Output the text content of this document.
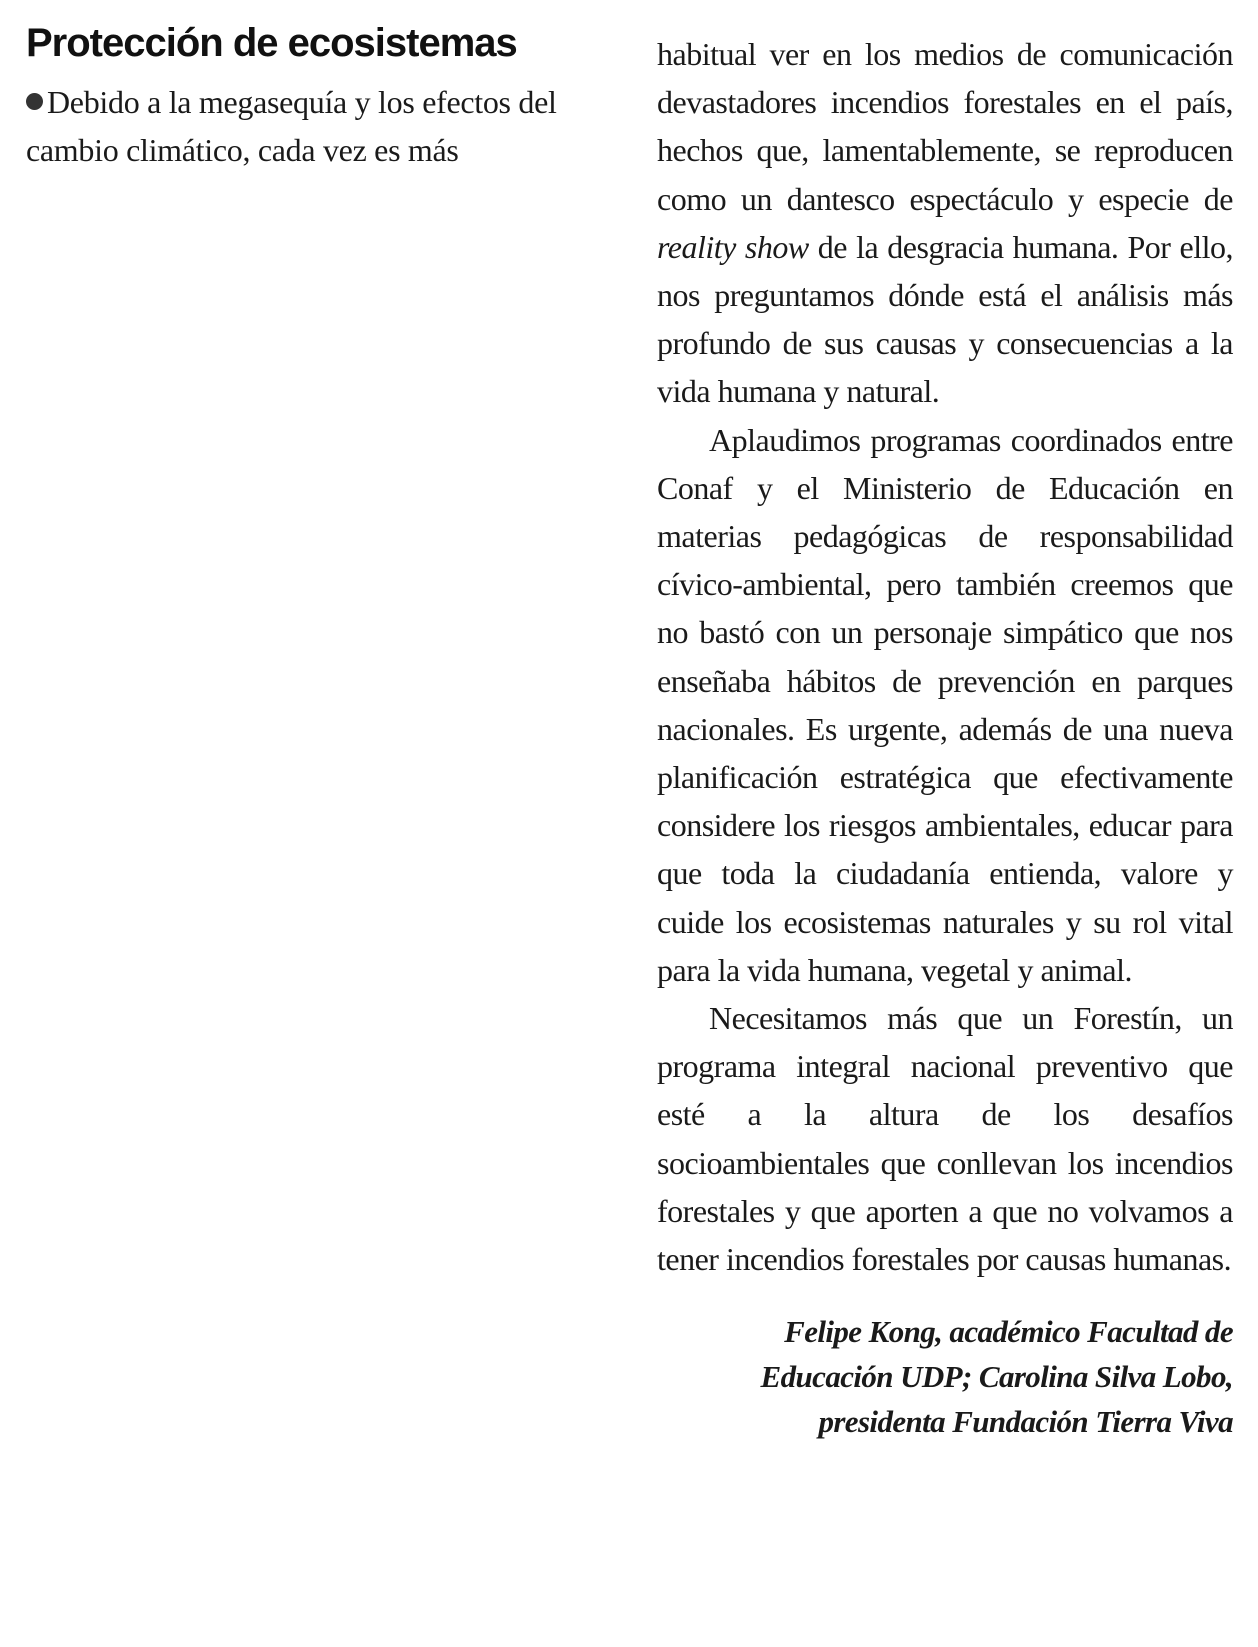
Protección de ecosistemas

Debido a la megasequía y los efectos del cambio climático, cada vez es más

habitual ver en los medios de comunicación devastadores incendios forestales en el país, hechos que, lamentablemente, se reproducen como un dantesco espectáculo y especie de reality show de la desgracia humana. Por ello, nos preguntamos dónde está el análisis más profundo de sus causas y consecuencias a la vida humana y natural.

Aplaudimos programas coordinados entre Conaf y el Ministerio de Educación en materias pedagógicas de responsabilidad cívico-ambiental, pero también creemos que no bastó con un personaje simpático que nos enseñaba hábitos de prevención en parques nacionales. Es urgente, además de una nueva planificación estratégica que efectivamente considere los riesgos ambientales, educar para que toda la ciudadanía entienda, valore y cuide los ecosistemas naturales y su rol vital para la vida humana, vegetal y animal.

Necesitamos más que un Forestín, un programa integral nacional preventivo que esté a la altura de los desafíos socioambientales que conllevan los incendios forestales y que aporten a que no volvamos a tener incendios forestales por causas humanas.

Felipe Kong, académico Facultad de
Educación UDP; Carolina Silva Lobo,
presidenta Fundación Tierra Viva
